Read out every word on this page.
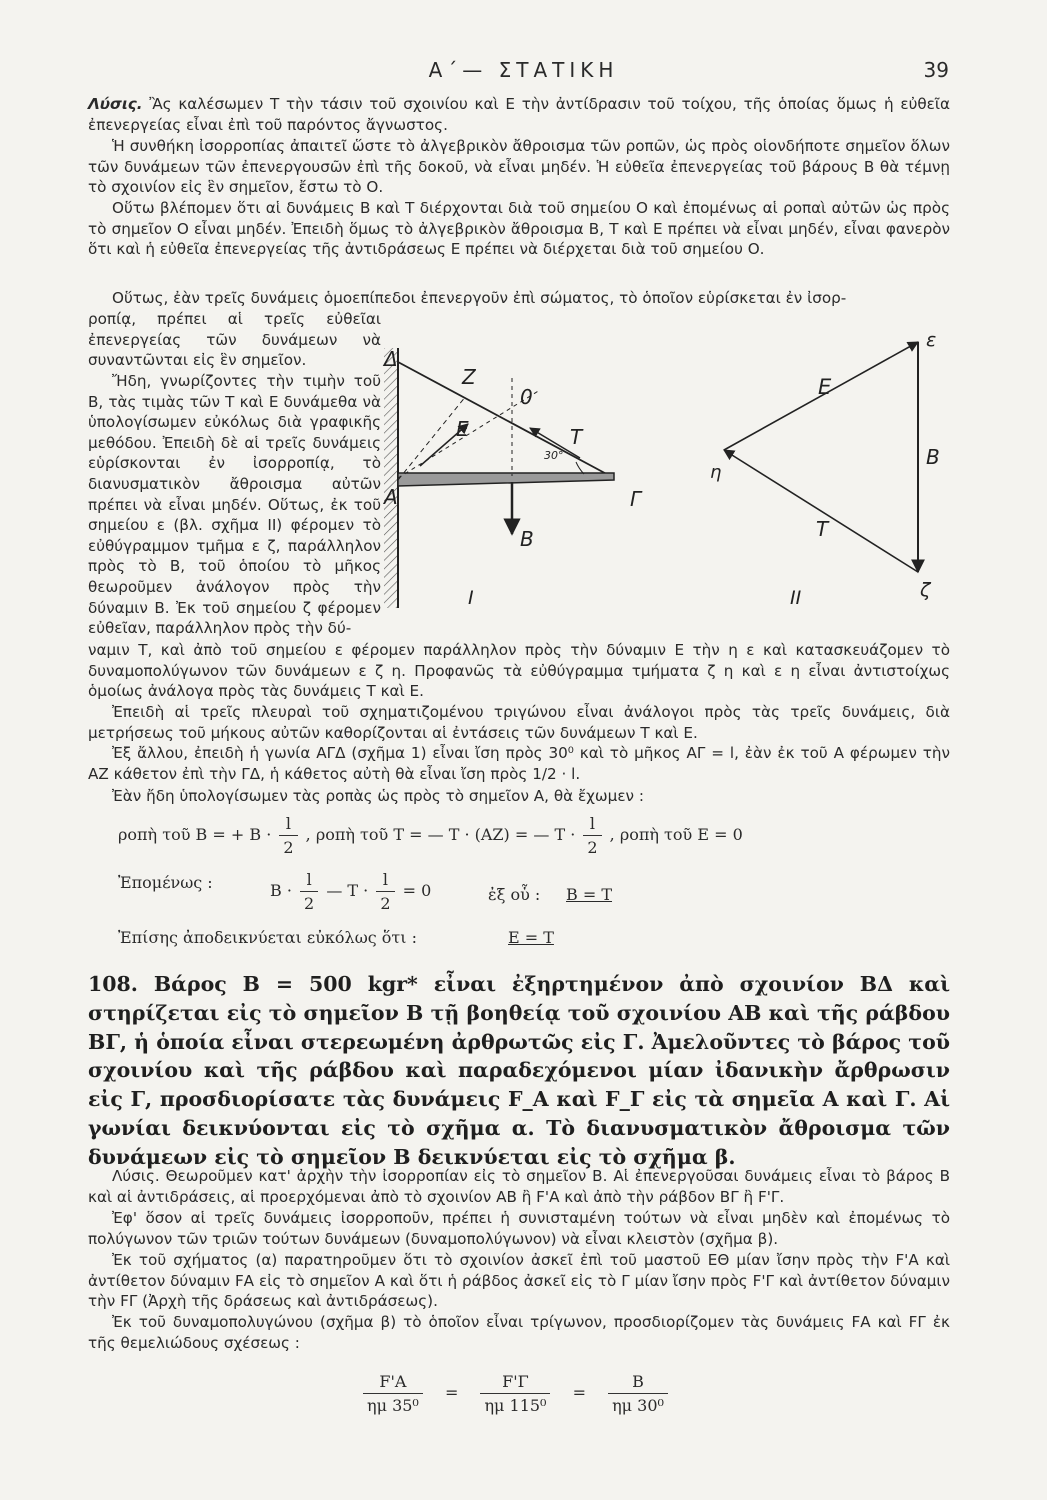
Α΄— ΣΤΑΤΙΚΗ	39
Λύσις. Ἂς καλέσωμεν Τ τὴν τάσιν τοῦ σχοινίου καὶ Ε τὴν ἀντίδρασιν τοῦ τοίχου, τῆς ὁποίας ὅμως ἡ εὐθεῖα ἐπενεργείας εἶναι ἐπὶ τοῦ παρόντος ἄγνωστος.
Ἡ συνθήκη ἰσορροπίας ἀπαιτεῖ ὥστε τὸ ἀλγεβρικὸν ἄθροισμα τῶν ροπῶν, ὡς πρὸς οἱονδήποτε σημεῖον ὅλων τῶν δυνάμεων τῶν ἐπενεργουσῶν ἐπὶ τῆς δοκοῦ, νὰ εἶναι μηδέν. Ἡ εὐθεῖα ἐπενεργείας τοῦ βάρους Β θὰ τέμνῃ τὸ σχοινίον εἰς ἓν σημεῖον, ἔστω τὸ Ο.
Οὕτω βλέπομεν ὅτι αἱ δυνάμεις Β καὶ Τ διέρχονται διὰ τοῦ σημείου Ο καὶ ἐπομένως αἱ ροπαὶ αὐτῶν ὡς πρὸς τὸ σημεῖον Ο εἶναι μηδέν. Ἐπειδὴ ὅμως τὸ ἀλγεβρικὸν ἄθροισμα Β, Τ καὶ Ε πρέπει νὰ εἶναι μηδέν, εἶναι φανερὸν ὅτι καὶ ἡ εὐθεῖα ἐπενεργείας τῆς ἀντιδράσεως Ε πρέπει νὰ διέρχεται διὰ τοῦ σημείου Ο.
Οὕτως, ἐὰν τρεῖς δυνάμεις ὁμοεπίπεδοι ἐπενεργοῦν ἐπὶ σώματος, τὸ ὁποῖον εὑρίσκεται ἐν ἰσορ-
ροπίᾳ, πρέπει αἱ τρεῖς εὐθεῖαι ἐπενεργείας τῶν δυνάμεων νὰ συναντῶνται εἰς ἓν σημεῖον.
Ἤδη, γνωρίζοντες τὴν τιμὴν τοῦ Β, τὰς τιμὰς τῶν Τ καὶ Ε δυνάμεθα νὰ ὑπολογίσωμεν εὐκόλως διὰ γραφικῆς μεθόδου. Ἐπειδὴ δὲ αἱ τρεῖς δυνάμεις εὑρίσκονται ἐν ἰσορροπίᾳ, τὸ διανυσματικὸν ἄθροισμα αὐτῶν πρέπει νὰ εἶναι μηδέν. Οὕτως, ἐκ τοῦ σημείου ε (βλ. σχῆμα ΙΙ) φέρομεν τὸ εὐθύγραμμον τμῆμα ε ζ, παράλληλον πρὸς τὸ Β, τοῦ ὁποίου τὸ μῆκος θεωροῦμεν ἀνάλογον πρὸς τὴν δύναμιν Β. Ἐκ τοῦ σημείου ζ φέρομεν εὐθεῖαν, παράλληλον πρὸς τὴν δύ-
ναμιν Τ, καὶ ἀπὸ τοῦ σημείου ε φέρομεν παράλληλον πρὸς τὴν δύναμιν Ε τὴν η ε καὶ κατασκευάζομεν τὸ δυναμοπολύγωνον τῶν δυνάμεων ε ζ η. Προφανῶς τὰ εὐθύγραμμα τμήματα ζ η καὶ ε η εἶναι ἀντιστοίχως ὁμοίως ἀνάλογα πρὸς τὰς δυνάμεις Τ καὶ Ε.
Ἐπειδὴ αἱ τρεῖς πλευραὶ τοῦ σχηματιζομένου τριγώνου εἶναι ἀνάλογοι πρὸς τὰς τρεῖς δυνάμεις, διὰ μετρήσεως τοῦ μήκους αὐτῶν καθορίζονται αἱ ἐντάσεις τῶν δυνάμεων Τ καὶ Ε.
Ἐξ ἄλλου, ἐπειδὴ ἡ γωνία ΑΓΔ (σχῆμα 1) εἶναι ἴση πρὸς 30⁰ καὶ τὸ μῆκος ΑΓ = l, ἐὰν ἐκ τοῦ Α φέρωμεν τὴν ΑΖ κάθετον ἐπὶ τὴν ΓΔ, ἡ κάθετος αὐτὴ θὰ εἶναι ἴση πρὸς 1/2 · l.
Ἐὰν ἤδη ὑπολογίσωμεν τὰς ροπὰς ὡς πρὸς τὸ σημεῖον Α, θὰ ἔχωμεν :
Δ
Α
Z
0
E	T
30°
Γ
B
I
ε
E
η
B
T
ζ
II
ροπὴ τοῦ Β = + $B \cdot \frac{l}{2}$ , ροπὴ τοῦ Τ = — Τ · (ΑΖ) = — $T \cdot \frac{l}{2}$ , ροπὴ τοῦ Ε = 0
Ἐπομένως :	$B \cdot \frac{l}{2}$ — $T \cdot \frac{l}{2} = 0$	ἐξ οὗ : Β = Τ
Ἐπίσης ἀποδεικνύεται εὐκόλως ὅτι :	Ε = Τ
108. Βάρος Β = 500 kgr* εἶναι ἐξηρτημένον ἀπὸ σχοινίον ΒΔ καὶ στηρίζεται εἰς τὸ σημεῖον Β τῇ βοηθείᾳ τοῦ σχοινίου ΑΒ καὶ τῆς ράβδου ΒΓ, ἡ ὁποία εἶναι στερεωμένη ἀρθρωτῶς εἰς Γ. Ἀμελοῦντες τὸ βάρος τοῦ σχοινίου καὶ τῆς ράβδου καὶ παραδεχόμενοι μίαν ἰδανικὴν ἄρθρωσιν εἰς Γ, προσδιορίσατε τὰς δυνάμεις F_Α καὶ F_Γ εἰς τὰ σημεῖα Α καὶ Γ. Αἱ γωνίαι δεικνύονται εἰς τὸ σχῆμα α. Τὸ διανυσματικὸν ἄθροισμα τῶν δυνάμεων εἰς τὸ σημεῖον Β δεικνύεται εἰς τὸ σχῆμα β.
Λύσις. Θεωροῦμεν κατ' ἀρχὴν τὴν ἰσορροπίαν εἰς τὸ σημεῖον Β. Αἱ ἐπενεργοῦσαι δυνάμεις εἶναι τὸ βάρος Β καὶ αἱ ἀντιδράσεις, αἱ προερχόμεναι ἀπὸ τὸ σχοινίον ΑΒ ἢ F'Α καὶ ἀπὸ τὴν ράβδον ΒΓ ἢ F'Γ.
Ἐφ' ὅσον αἱ τρεῖς δυνάμεις ἰσορροποῦν, πρέπει ἡ συνισταμένη τούτων νὰ εἶναι μηδὲν καὶ ἐπομένως τὸ πολύγωνον τῶν τριῶν τούτων δυνάμεων (δυναμοπολύγωνον) νὰ εἶναι κλειστὸν (σχῆμα β).
Ἐκ τοῦ σχήματος (α) παρατηροῦμεν ὅτι τὸ σχοινίον ἀσκεῖ ἐπὶ τοῦ μαστοῦ ΕΘ μίαν ἴσην πρὸς τὴν F'Α καὶ ἀντίθετον δύναμιν FΑ εἰς τὸ σημεῖον Α καὶ ὅτι ἡ ράβδος ἀσκεῖ εἰς τὸ Γ μίαν ἴσην πρὸς F'Γ καὶ ἀντίθετον δύναμιν τὴν FΓ (Ἀρχὴ τῆς δράσεως καὶ ἀντιδράσεως).
Ἐκ τοῦ δυναμοπολυγώνου (σχῆμα β) τὸ ὁποῖον εἶναι τρίγωνον, προσδιορίζομεν τὰς δυνάμεις FΑ καὶ FΓ ἐκ τῆς θεμελιώδους σχέσεως :
$\frac{F'A}{\text{ημ 35⁰}} = \frac{F'\Gamma}{\text{ημ 115⁰}} = \frac{B}{\text{ημ 30⁰}}$
